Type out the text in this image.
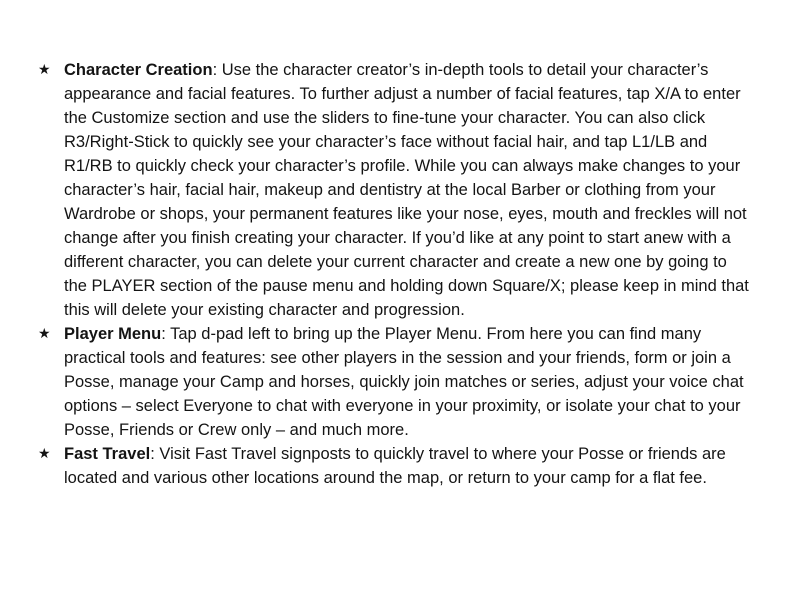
★ Character Creation: Use the character creator’s in-depth tools to detail your character’s appearance and facial features. To further adjust a number of facial features, tap X/A to enter the Customize section and use the sliders to fine-tune your character. You can also click R3/Right-Stick to quickly see your character’s face without facial hair, and tap L1/LB and R1/RB to quickly check your character’s profile. While you can always make changes to your character’s hair, facial hair, makeup and dentistry at the local Barber or clothing from your Wardrobe or shops, your permanent features like your nose, eyes, mouth and freckles will not change after you finish creating your character. If you’d like at any point to start anew with a different character, you can delete your current character and create a new one by going to the PLAYER section of the pause menu and holding down Square/X; please keep in mind that this will delete your existing character and progression.
★ Player Menu: Tap d-pad left to bring up the Player Menu. From here you can find many practical tools and features: see other players in the session and your friends, form or join a Posse, manage your Camp and horses, quickly join matches or series, adjust your voice chat options – select Everyone to chat with everyone in your proximity, or isolate your chat to your Posse, Friends or Crew only – and much more.
★ Fast Travel: Visit Fast Travel signposts to quickly travel to where your Posse or friends are located and various other locations around the map, or return to your camp for a flat fee.
